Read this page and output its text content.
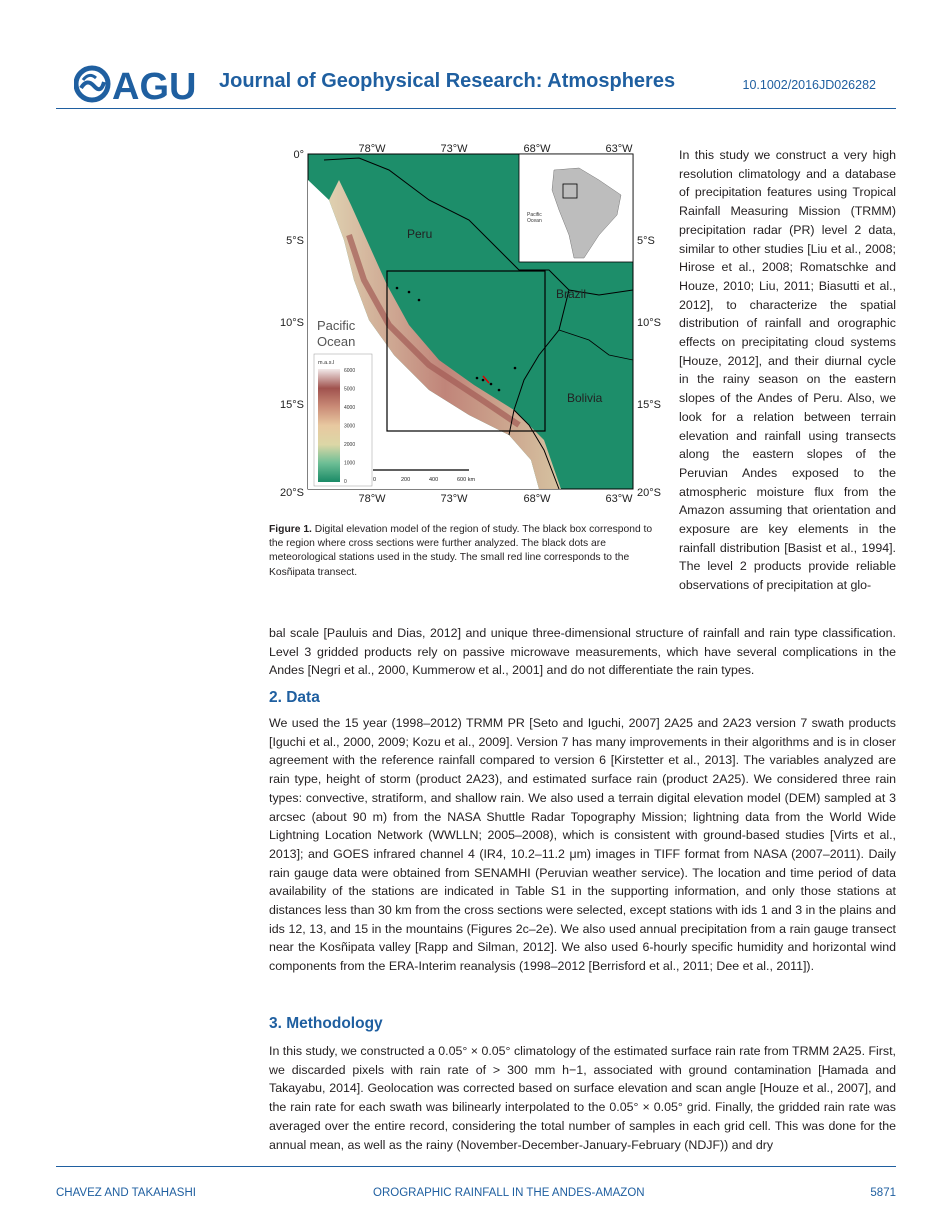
AGU Journal of Geophysical Research: Atmospheres	10.1002/2016JD026282
Pacific
Ocean
Peru
Brazil
Bolivia
Pacific
Ocean
m.a.s.l
6000
5000
4000
3000
2000
1000
0	0	200	400	600 km
78°W	73°W	68°W	63°W
78°W	73°W	68°W	63°W
0°
5°S
10°S
15°S
20°S
5°S
10°S
15°S
20°S
Figure 1. Digital elevation model of the region of study. The black box correspond to the region where cross sections were further analyzed. The black dots are meteorological stations used in the study. The small red line corresponds to the Kosñipata transect.
In this study we construct a very high resolution climatology and a database of precipitation features using Tropical Rainfall Measuring Mission (TRMM) precipitation radar (PR) level 2 data, similar to other studies [Liu et al., 2008; Hirose et al., 2008; Romatschke and Houze, 2010; Liu, 2011; Biasutti et al., 2012], to characterize the spatial distribution of rainfall and orographic effects on precipitating cloud systems [Houze, 2012], and their diurnal cycle in the rainy season on the eastern slopes of the Andes of Peru. Also, we look for a relation between terrain elevation and rainfall using transects along the eastern slopes of the Peruvian Andes exposed to the atmospheric moisture flux from the Amazon assuming that orientation and exposure are key elements in the rainfall distribution [Basist et al., 1994]. The level 2 products provide reliable observations of precipitation at glo-
bal scale [Pauluis and Dias, 2012] and unique three-dimensional structure of rainfall and rain type classification. Level 3 gridded products rely on passive microwave measurements, which have several complications in the Andes [Negri et al., 2000, Kummerow et al., 2001] and do not differentiate the rain types.
2. Data
We used the 15 year (1998–2012) TRMM PR [Seto and Iguchi, 2007] 2A25 and 2A23 version 7 swath products [Iguchi et al., 2000, 2009; Kozu et al., 2009]. Version 7 has many improvements in their algorithms and is in closer agreement with the reference rainfall compared to version 6 [Kirstetter et al., 2013]. The variables analyzed are rain type, height of storm (product 2A23), and estimated surface rain (product 2A25). We considered three rain types: convective, stratiform, and shallow rain. We also used a terrain digital elevation model (DEM) sampled at 3 arcsec (about 90 m) from the NASA Shuttle Radar Topography Mission; lightning data from the World Wide Lightning Location Network (WWLLN; 2005–2008), which is consistent with ground-based studies [Virts et al., 2013]; and GOES infrared channel 4 (IR4, 10.2–11.2 μm) images in TIFF format from NASA (2007–2011). Daily rain gauge data were obtained from SENAMHI (Peruvian weather service). The location and time period of data availability of the stations are indicated in Table S1 in the supporting information, and only those stations at distances less than 30 km from the cross sections were selected, except stations with ids 1 and 3 in the plains and ids 12, 13, and 15 in the mountains (Figures 2c–2e). We also used annual precipitation from a rain gauge transect near the Kosñipata valley [Rapp and Silman, 2012]. We also used 6-hourly specific humidity and horizontal wind components from the ERA-Interim reanalysis (1998–2012 [Berrisford et al., 2011; Dee et al., 2011]).
3. Methodology
In this study, we constructed a 0.05° × 0.05° climatology of the estimated surface rain rate from TRMM 2A25. First, we discarded pixels with rain rate of > 300 mm h−1, associated with ground contamination [Hamada and Takayabu, 2014]. Geolocation was corrected based on surface elevation and scan angle [Houze et al., 2007], and the rain rate for each swath was bilinearly interpolated to the 0.05° × 0.05° grid. Finally, the gridded rain rate was averaged over the entire record, considering the total number of samples in each grid cell. This was done for the annual mean, as well as the rainy (November-December-January-February (NDJF)) and dry
CHAVEZ AND TAKAHASHI	OROGRAPHIC RAINFALL IN THE ANDES-AMAZON	5871
